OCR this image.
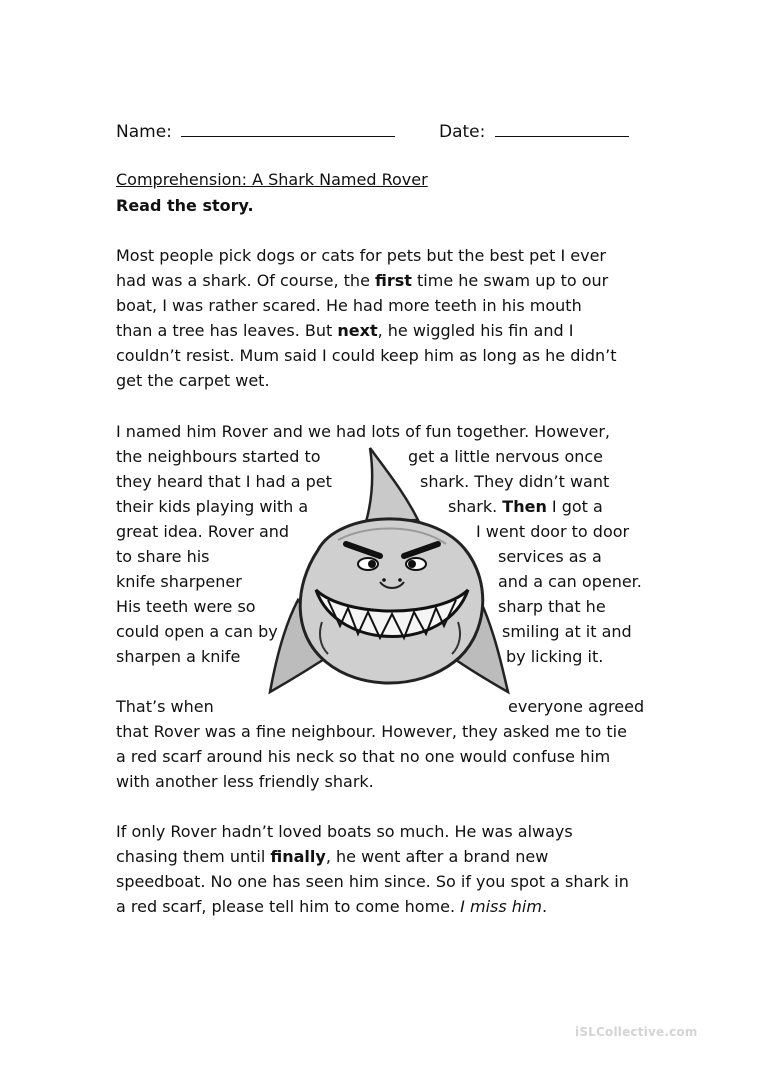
Name:	Date:
Comprehension: A Shark Named Rover
Read the story.
Most people pick dogs or cats for pets but the best pet I ever
had was a shark. Of course, the first time he swam up to our
boat, I was rather scared. He had more teeth in his mouth
than a tree has leaves. But next, he wiggled his fin and I
couldn’t resist. Mum said I could keep him as long as he didn’t
get the carpet wet.
I named him Rover and we had lots of fun together. However,
the neighbours started to	get a little nervous once
they heard that I had a pet	shark. They didn’t want
their kids playing with a	shark. Then I got a
great idea. Rover and	I went door to door
to share his	services as a
knife sharpener	and a can opener.
His teeth were so	sharp that he
could open a can by	smiling at it and
sharpen a knife	by licking it.
That’s when	everyone agreed
that Rover was a fine neighbour. However, they asked me to tie
a red scarf around his neck so that no one would confuse him
with another less friendly shark.
If only Rover hadn’t loved boats so much. He was always
chasing them until finally, he went after a brand new
speedboat. No one has seen him since. So if you spot a shark in
a red scarf, please tell him to come home. I miss him.
iSLCollective.com
